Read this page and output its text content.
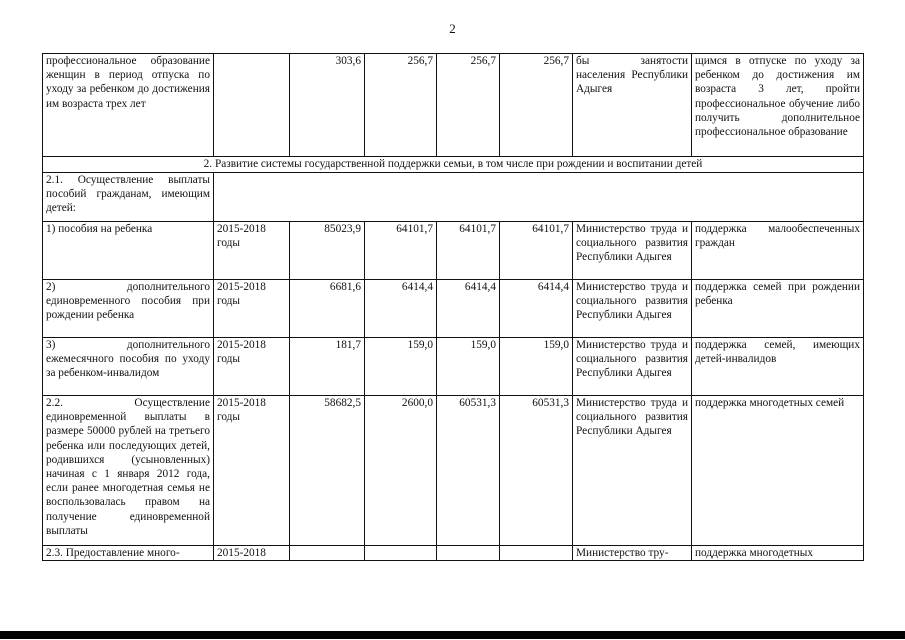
2
профессиональное образование женщин в период отпуска по уходу за ребенком до достижения им возраста трех лет		303,6	256,7	256,7	256,7	бы занятости населения Республики Адыгея	щимся в отпуске по уходу за ребенком до достижения им возраста 3 лет, пройти профессиональное обучение либо получить дополнительное профессиональное образование
2. Развитие системы государственной поддержки семьи, в том числе при рождении и воспитании детей							
2.1. Осуществление выплаты пособий гражданам, имеющим детей:							
1) пособия на ребенка	2015-2018 годы	85023,9	64101,7	64101,7	64101,7	Министерство труда и социального развития Республики Адыгея	поддержка малообеспеченных граждан
2) дополнительного единовременного пособия при рождении ребенка	2015-2018 годы	6681,6	6414,4	6414,4	6414,4	Министерство труда и социального развития Республики Адыгея	поддержка семей при рождении ребенка
3) дополнительного ежемесячного пособия по уходу за ребенком-инвалидом	2015-2018 годы	181,7	159,0	159,0	159,0	Министерство труда и социального развития Республики Адыгея	поддержка семей, имеющих детей-инвалидов
2.2. Осуществление единовременной выплаты в размере 50000 рублей на третьего ребенка или последующих детей, родившихся (усыновленных) начиная с 1 января 2012 года, если ранее многодетная семья не воспользовалась правом на получение единовременной выплаты	2015-2018 годы	58682,5	2600,0	60531,3	60531,3	Министерство труда и социального развития Республики Адыгея	поддержка многодетных семей
2.3. Предоставление много-	2015-2018					Министерство тру-	поддержка многодетных
